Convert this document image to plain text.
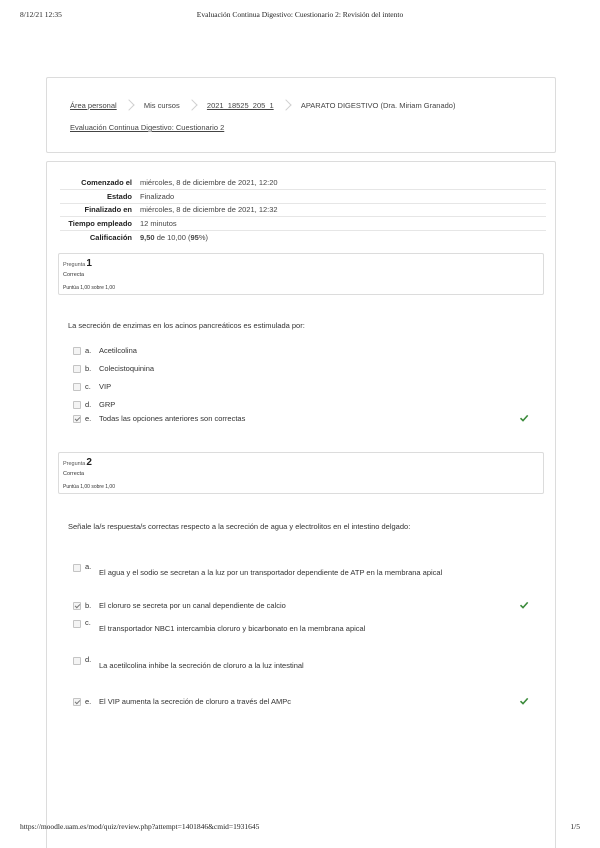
8/12/21 12:35	Evaluación Continua Digestivo: Cuestionario 2: Revisión del intento
Área personal	Mis cursos	2021_18525_205_1	APARATO DIGESTIVO (Dra. Miriam Granado)
Evaluación Continua Digestivo: Cuestionario 2
Comenzado el	miércoles, 8 de diciembre de 2021, 12:20
Estado	Finalizado
Finalizado en	miércoles, 8 de diciembre de 2021, 12:32
Tiempo empleado	12 minutos
Calificación	9,50 de 10,00 (95%)
Pregunta1
Correcta
Puntúa 1,00 sobre 1,00
La secreción de enzimas en los acinos pancreáticos es estimulada por:
a. Acetilcolina
b. Colecistoquinina
c. VIP
d. GRP
e. Todas las opciones anteriores son correctas
Pregunta2
Correcta
Puntúa 1,00 sobre 1,00
Señale la/s respuesta/s correctas respecto a la secreción de agua y electrolitos en el intestino delgado:
a.
El agua y el sodio se secretan a la luz por un transportador dependiente de ATP en la membrana apical
b. El cloruro se secreta por un canal dependiente de calcio
c.
El transportador NBC1 intercambia cloruro y bicarbonato en la membrana apical
d.
La acetilcolina inhibe la secreción de cloruro a la luz intestinal
e. El VIP aumenta la secreción de cloruro a través del AMPc
https://moodle.uam.es/mod/quiz/review.php?attempt=1401846&cmid=1931645	1/5
